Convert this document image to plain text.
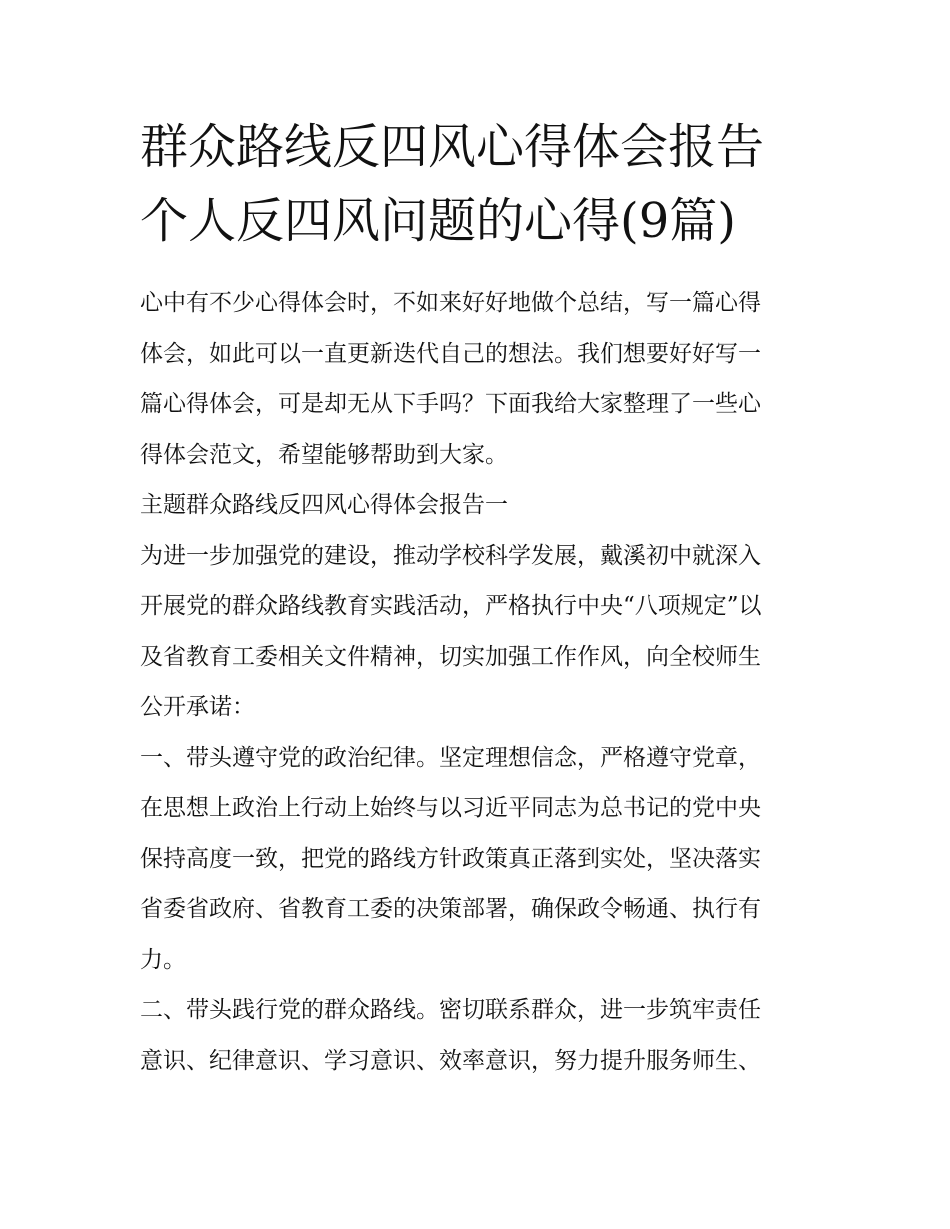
群众路线反四风心得体会报告
个人反四风问题的心得(9篇)

心中有不少心得体会时，不如来好好地做个总结，写一篇心得
体会，如此可以一直更新迭代自己的想法。我们想要好好写一
篇心得体会，可是却无从下手吗？下面我给大家整理了一些心
得体会范文，希望能够帮助到大家。

主题群众路线反四风心得体会报告一

为进一步加强党的建设，推动学校科学发展，戴溪初中就深入
开展党的群众路线教育实践活动，严格执行中央“八项规定”以
及省教育工委相关文件精神，切实加强工作作风，向全校师生
公开承诺：

一、带头遵守党的政治纪律。坚定理想信念，严格遵守党章，
在思想上政治上行动上始终与以习近平同志为总书记的党中央
保持高度一致，把党的路线方针政策真正落到实处，坚决落实
省委省政府、省教育工委的决策部署，确保政令畅通、执行有
力。

二、带头践行党的群众路线。密切联系群众，进一步筑牢责任
意识、纪律意识、学习意识、效率意识，努力提升服务师生、
